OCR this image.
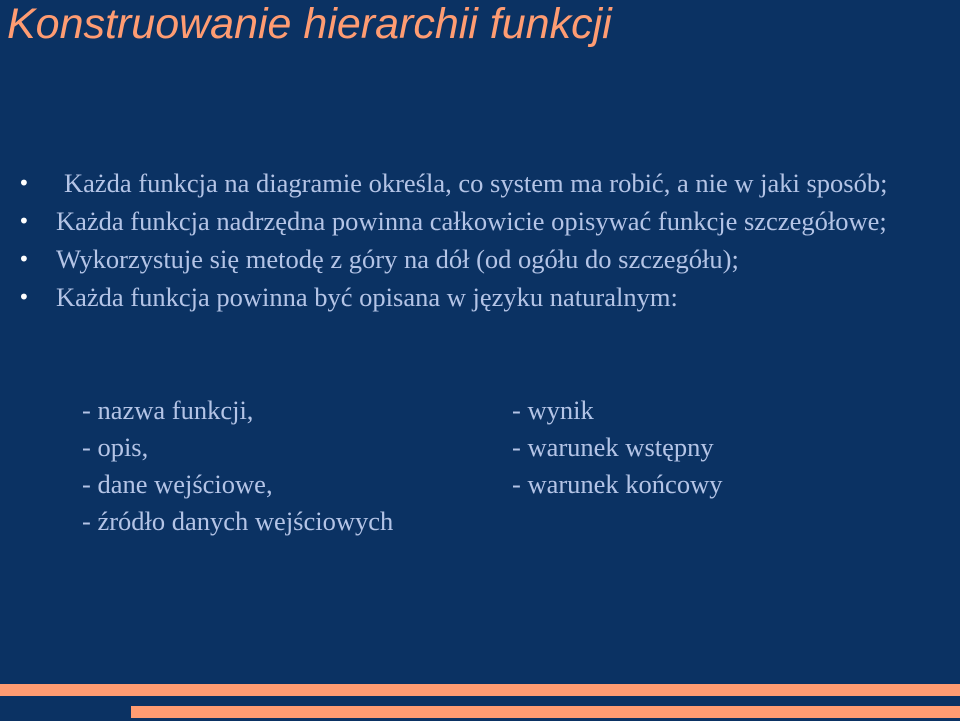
Konstruowanie hierarchii funkcji
• Każda funkcja na diagramie określa, co system ma robić, a nie w jaki sposób;
• Każda funkcja nadrzędna powinna całkowicie opisywać funkcje szczegółowe;
• Wykorzystuje się metodę z góry na dół (od ogółu do szczegółu);
• Każda funkcja powinna być opisana w języku naturalnym:
- nazwa funkcji,	- wynik
- opis,	- warunek wstępny
- dane wejściowe,	- warunek końcowy
- źródło danych wejściowych
